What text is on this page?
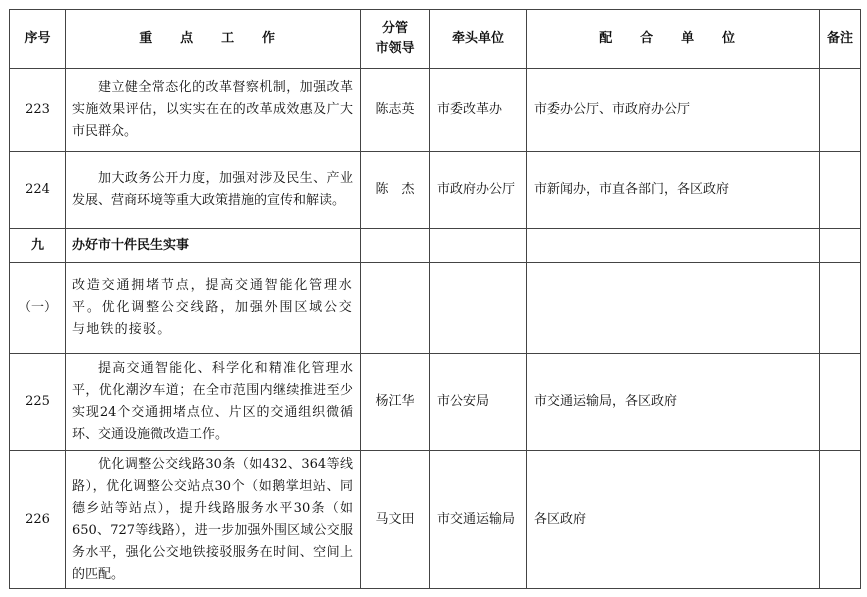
序号	重 点 工 作	分管
市领导	牵头单位	配 合 单 位	备注
223	建立健全常态化的改革督察机制，加强改革实施效果评估，以实实在在的改革成效惠及广大市民群众。	陈志英	市委改革办	市委办公厅、市政府办公厅	
224	加大政务公开力度，加强对涉及民生、产业发展、营商环境等重大政策措施的宣传和解读。	陈　杰	市政府办公厅	市新闻办，市直各部门，各区政府	
九	办好市十件民生实事				
（一）	改造交通拥堵节点，提高交通智能化管理水平。优化调整公交线路，加强外围区域公交与地铁的接驳。				
225	提高交通智能化、科学化和精准化管理水平，优化潮汐车道；在全市范围内继续推进至少实现24个交通拥堵点位、片区的交通组织微循环、交通设施微改造工作。	杨江华	市公安局	市交通运输局，各区政府	
226	优化调整公交线路30条（如432、364等线路），优化调整公交站点30个（如鹅掌坦站、同德乡站等站点），提升线路服务水平30条（如650、727等线路），进一步加强外围区域公交服务水平，强化公交地铁接驳服务在时间、空间上的匹配。	马文田	市交通运输局	各区政府	
